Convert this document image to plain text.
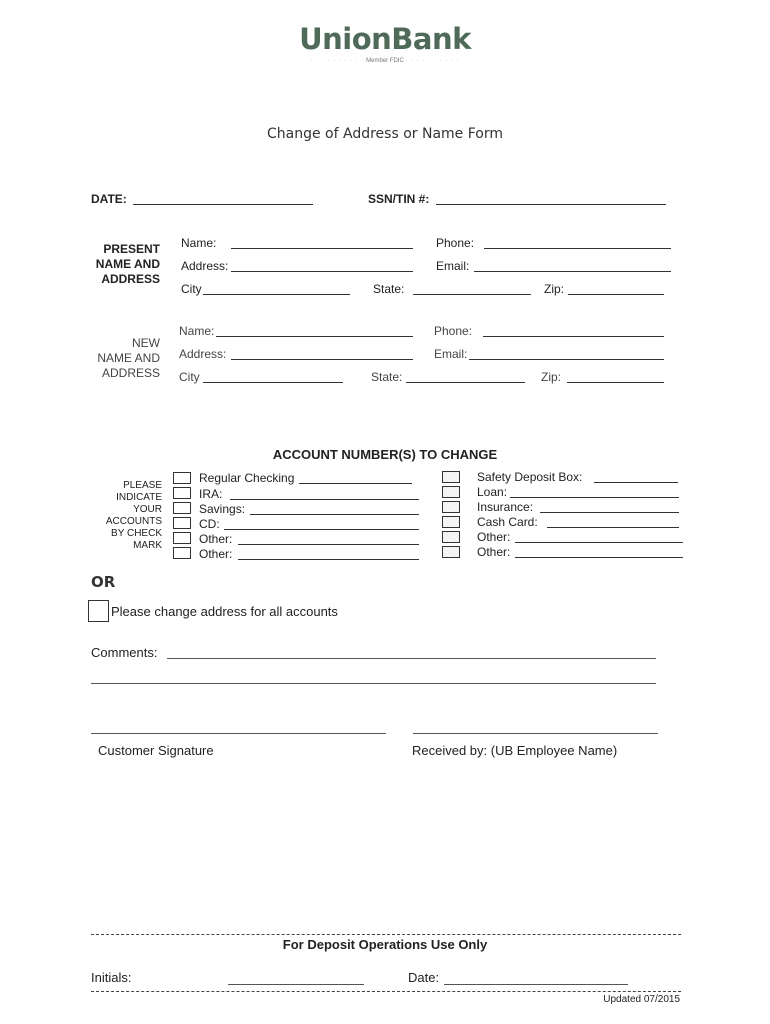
UnionBank
· · · · · · · · · · Member FDIC · · · · · · · · · ·
Change of Address or Name Form
DATE:	SSN/TIN #:
PRESENT
NAME AND
ADDRESS
Name:	Phone:
Address:	Email:
City	State:	Zip:
NEW
NAME AND
ADDRESS
Name:	Phone:
Address:	Email:
City	State:	Zip:
ACCOUNT NUMBER(S) TO CHANGE
PLEASE
INDICATE
YOUR
ACCOUNTS
BY CHECK
MARK
Regular Checking
IRA:
Savings:
CD:
Other:
Other:
Safety Deposit Box:
Loan:
Insurance:
Cash Card:
Other:
Other:
OR
Please change address for all accounts
Comments:
Customer Signature	Received by: (UB Employee Name)
For Deposit Operations Use Only
Initials:	Date:
Updated 07/2015
